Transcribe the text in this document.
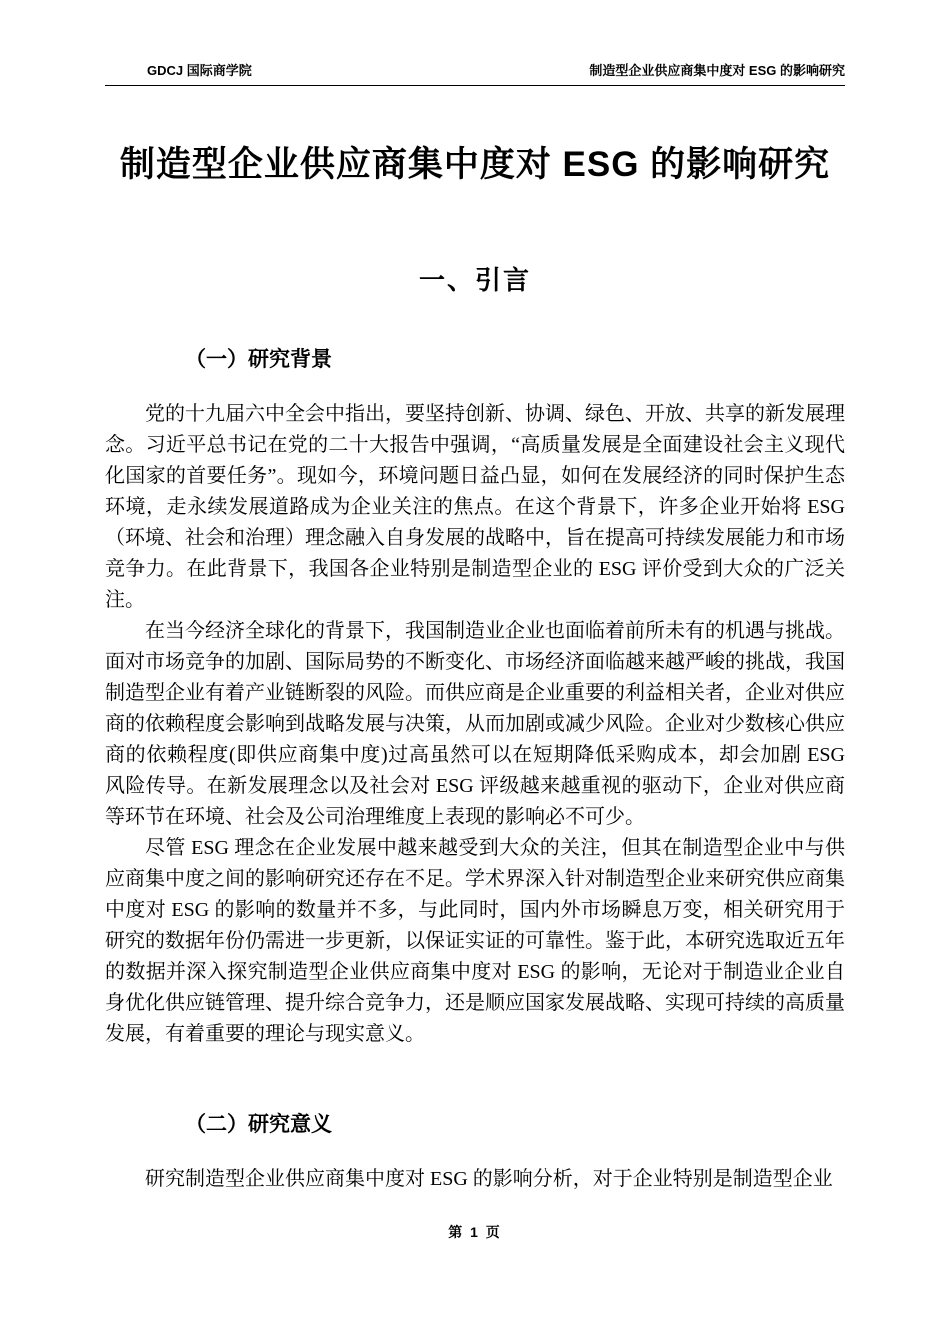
GDCJ 国际商学院	制造型企业供应商集中度对 ESG 的影响研究
制造型企业供应商集中度对 ESG 的影响研究
一、引言
（一）研究背景

党的十九届六中全会中指出，要坚持创新、协调、绿色、开放、共享的新发展理念。习近平总书记在党的二十大报告中强调，“高质量发展是全面建设社会主义现代化国家的首要任务”。现如今，环境问题日益凸显，如何在发展经济的同时保护生态环境，走永续发展道路成为企业关注的焦点。在这个背景下，许多企业开始将 ESG（环境、社会和治理）理念融入自身发展的战略中，旨在提高可持续发展能力和市场竞争力。在此背景下，我国各企业特别是制造型企业的 ESG 评价受到大众的广泛关注。

在当今经济全球化的背景下，我国制造业企业也面临着前所未有的机遇与挑战。面对市场竞争的加剧、国际局势的不断变化、市场经济面临越来越严峻的挑战，我国制造型企业有着产业链断裂的风险。而供应商是企业重要的利益相关者，企业对供应商的依赖程度会影响到战略发展与决策，从而加剧或减少风险。企业对少数核心供应商的依赖程度(即供应商集中度)过高虽然可以在短期降低采购成本，却会加剧 ESG 风险传导。在新发展理念以及社会对 ESG 评级越来越重视的驱动下，企业对供应商等环节在环境、社会及公司治理维度上表现的影响必不可少。

尽管 ESG 理念在企业发展中越来越受到大众的关注，但其在制造型企业中与供应商集中度之间的影响研究还存在不足。学术界深入针对制造型企业来研究供应商集中度对 ESG 的影响的数量并不多，与此同时，国内外市场瞬息万变，相关研究用于研究的数据年份仍需进一步更新，以保证实证的可靠性。鉴于此，本研究选取近五年的数据并深入探究制造型企业供应商集中度对 ESG 的影响，无论对于制造业企业自身优化供应链管理、提升综合竞争力，还是顺应国家发展战略、实现可持续的高质量发展，有着重要的理论与现实意义。

（二）研究意义

研究制造型企业供应商集中度对 ESG 的影响分析，对于企业特别是制造型企业

第 1 页
